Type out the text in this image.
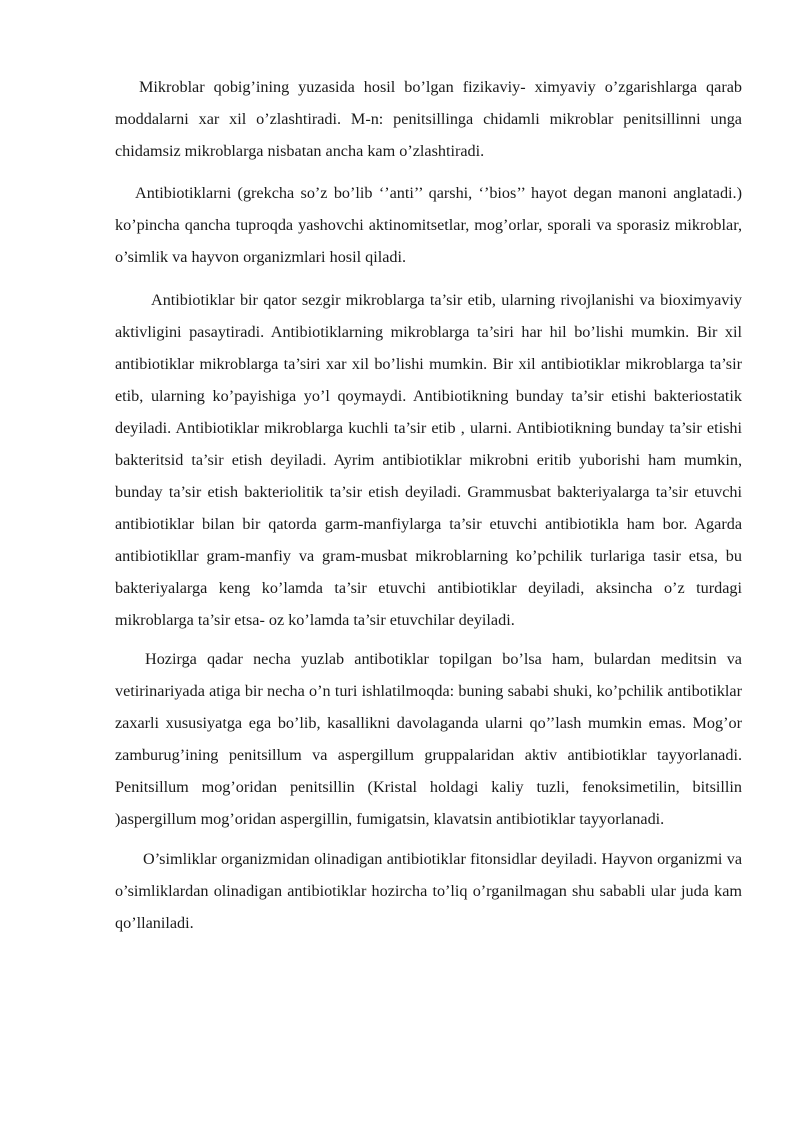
Mikroblar qobig’ining yuzasida hosil bo’lgan fizikaviy- ximyaviy o’zgarishlarga qarab moddalarni xar xil o’zlashtiradi. M-n: penitsillinga chidamli mikroblar penitsillinni unga chidamsiz mikroblarga nisbatan ancha kam o’zlashtiradi.

Antibiotiklarni (grekcha so’z bo’lib ‘’anti’’ qarshi, ‘’bios’’ hayot degan manoni anglatadi.) ko’pincha qancha tuproqda yashovchi aktinomitsetlar, mog’orlar, sporali va sporasiz mikroblar, o’simlik va hayvon organizmlari hosil qiladi.

Antibiotiklar bir qator sezgir mikroblarga ta’sir etib, ularning rivojlanishi va bioximyaviy aktivligini pasaytiradi. Antibiotiklarning mikroblarga ta’siri har hil bo’lishi mumkin. Bir xil antibiotiklar mikroblarga ta’siri xar xil bo’lishi mumkin. Bir xil antibiotiklar mikroblarga ta’sir etib, ularning ko’payishiga yo’l qoymaydi. Antibiotikning bunday ta’sir etishi bakteriostatik deyiladi. Antibiotiklar mikroblarga kuchli ta’sir etib , ularni. Antibiotikning bunday ta’sir etishi bakteritsid ta’sir etish deyiladi. Ayrim antibiotiklar mikrobni eritib yuborishi ham mumkin, bunday ta’sir etish bakteriolitik ta’sir etish deyiladi. Grammusbat bakteriyalarga ta’sir etuvchi antibiotiklar bilan bir qatorda garm-manfiylarga ta’sir etuvchi antibiotikla ham bor. Agarda antibiotikllar gram-manfiy va gram-musbat mikroblarning ko’pchilik turlariga tasir etsa, bu bakteriyalarga keng ko’lamda ta’sir etuvchi antibiotiklar deyiladi, aksincha o’z turdagi mikroblarga ta’sir etsa- oz ko’lamda ta’sir etuvchilar deyiladi.

Hozirga qadar necha yuzlab antibotiklar topilgan bo’lsa ham, bulardan meditsin va vetirinariyada atiga bir necha o’n turi ishlatilmoqda: buning sababi shuki, ko’pchilik antibotiklar zaxarli xususiyatga ega bo’lib, kasallikni davolaganda ularni qo’’lash mumkin emas. Mog’or zamburug’ining penitsillum va aspergillum gruppalaridan aktiv antibiotiklar tayyorlanadi. Penitsillum mog’oridan penitsillin (Kristal holdagi kaliy tuzli, fenoksimetilin, bitsillin )aspergillum mog’oridan aspergillin, fumigatsin, klavatsin antibiotiklar tayyorlanadi.

O’simliklar organizmidan olinadigan antibiotiklar fitonsidlar deyiladi. Hayvon organizmi va o’simliklardan olinadigan antibiotiklar hozircha to’liq o’rganilmagan shu sababli ular juda kam qo’llaniladi.
